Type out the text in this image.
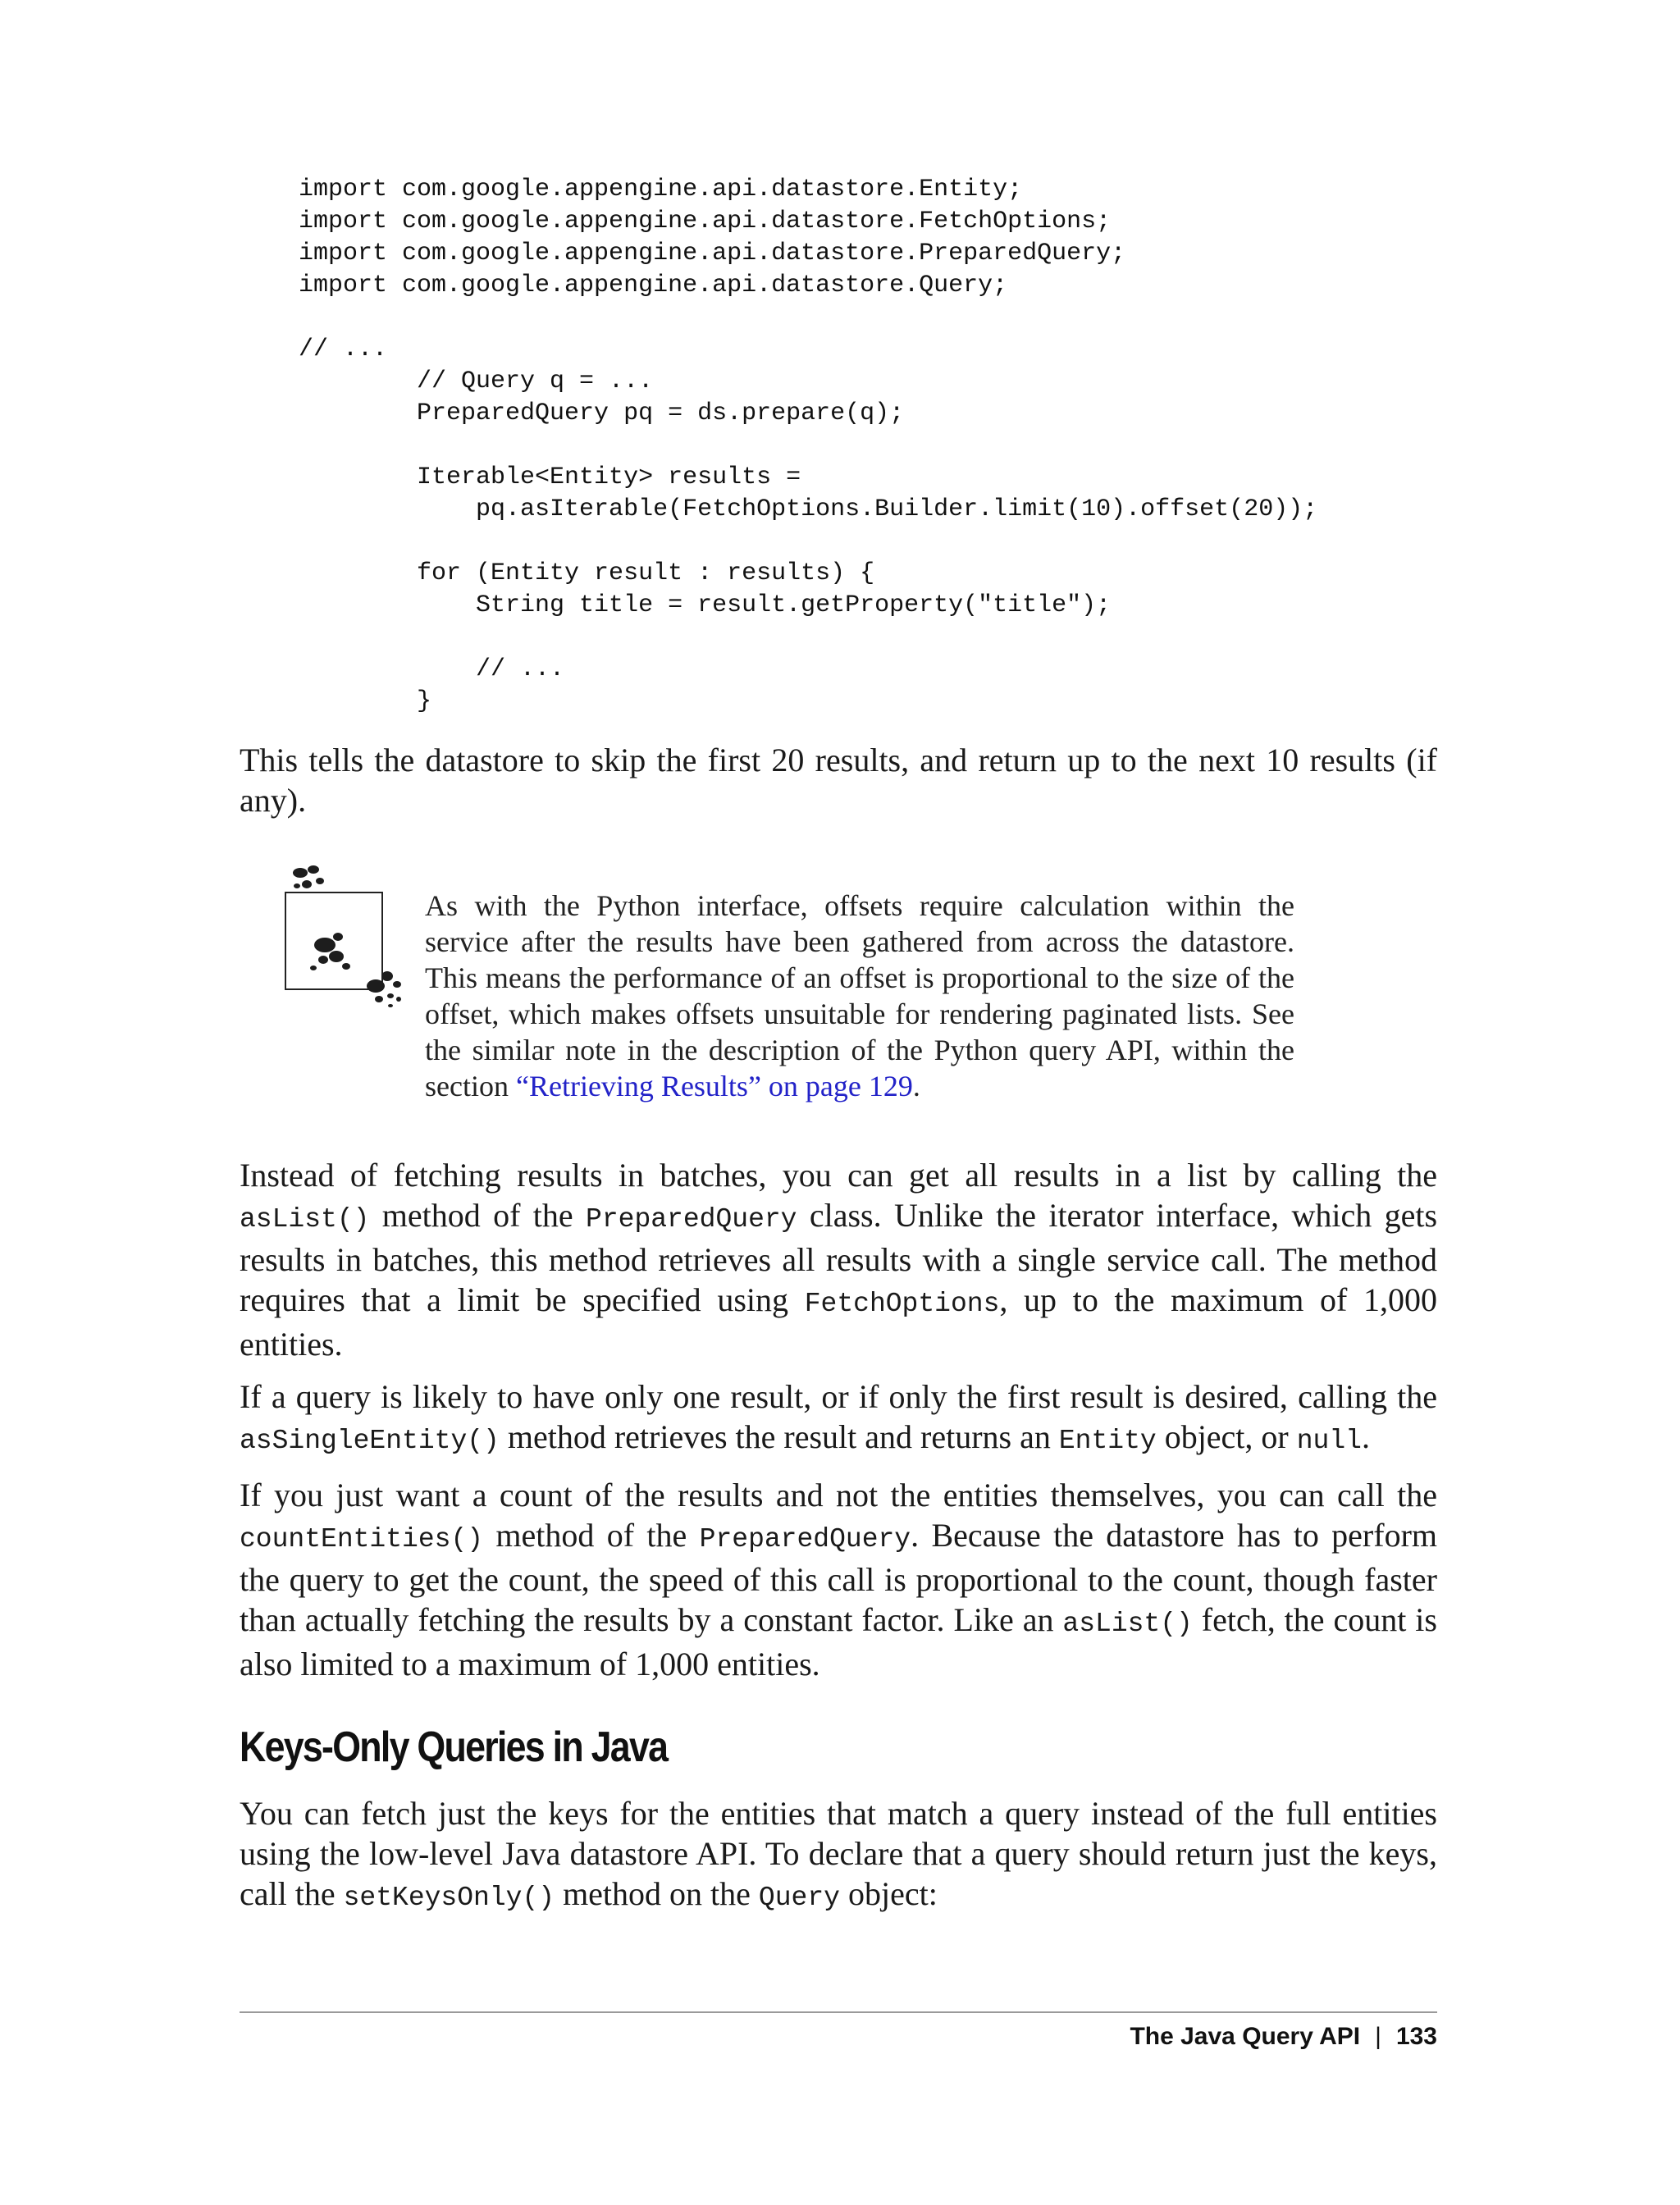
import com.google.appengine.api.datastore.Entity;
import com.google.appengine.api.datastore.FetchOptions;
import com.google.appengine.api.datastore.PreparedQuery;
import com.google.appengine.api.datastore.Query;

// ...
// Query q = ...
PreparedQuery pq = ds.prepare(q);

Iterable<Entity> results =
pq.asIterable(FetchOptions.Builder.limit(10).offset(20));

for (Entity result : results) {
String title = result.getProperty("title");

// ...
}

This tells the datastore to skip the first 20 results, and return up to the next 10 results (if any).

As with the Python interface, offsets require calculation within the service after the results have been gathered from across the datastore. This means the performance of an offset is proportional to the size of the offset, which makes offsets unsuitable for rendering paginated lists. See the similar note in the description of the Python query API, within the section “Retrieving Results” on page 129.

Instead of fetching results in batches, you can get all results in a list by calling the asList() method of the PreparedQuery class. Unlike the iterator interface, which gets results in batches, this method retrieves all results with a single service call. The method requires that a limit be specified using FetchOptions, up to the maximum of 1,000 entities.

If a query is likely to have only one result, or if only the first result is desired, calling the asSingleEntity() method retrieves the result and returns an Entity object, or null.

If you just want a count of the results and not the entities themselves, you can call the countEntities() method of the PreparedQuery. Because the datastore has to perform the query to get the count, the speed of this call is proportional to the count, though faster than actually fetching the results by a constant factor. Like an asList() fetch, the count is also limited to a maximum of 1,000 entities.

Keys-Only Queries in Java

You can fetch just the keys for the entities that match a query instead of the full entities using the low-level Java datastore API. To declare that a query should return just the keys, call the setKeysOnly() method on the Query object:

The Java Query API | 133
